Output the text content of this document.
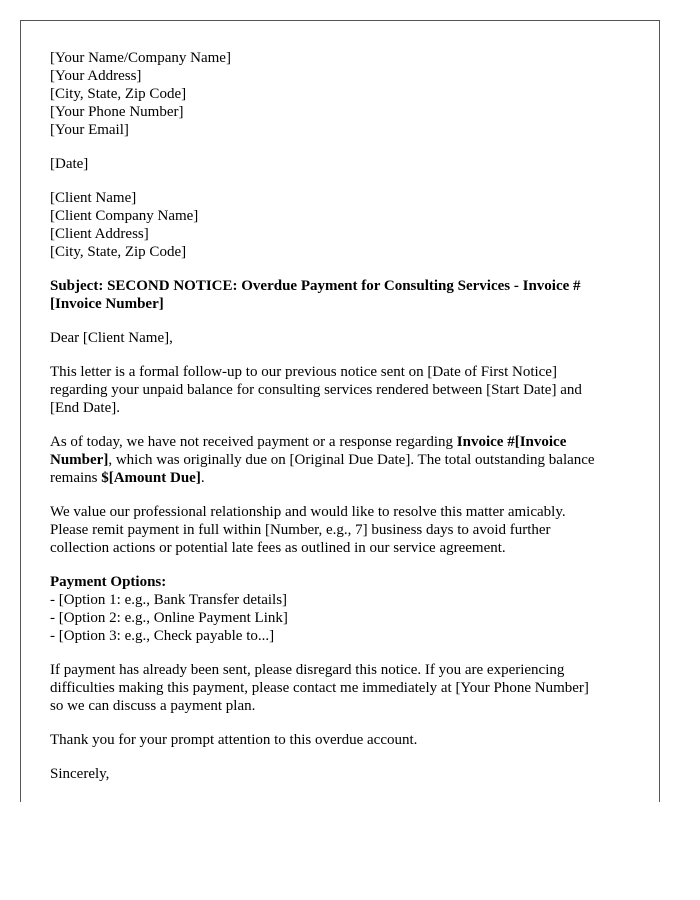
[Your Name/Company Name]
[Your Address]
[City, State, Zip Code]
[Your Phone Number]
[Your Email]
[Date]
[Client Name]
[Client Company Name]
[Client Address]
[City, State, Zip Code]
Subject: SECOND NOTICE: Overdue Payment for Consulting Services - Invoice #
[Invoice Number]
Dear [Client Name],
This letter is a formal follow-up to our previous notice sent on [Date of First Notice]
regarding your unpaid balance for consulting services rendered between [Start Date] and
[End Date].
As of today, we have not received payment or a response regarding Invoice #[Invoice
Number], which was originally due on [Original Due Date]. The total outstanding balance
remains $[Amount Due].
We value our professional relationship and would like to resolve this matter amicably.
Please remit payment in full within [Number, e.g., 7] business days to avoid further
collection actions or potential late fees as outlined in our service agreement.
Payment Options:
- [Option 1: e.g., Bank Transfer details]
- [Option 2: e.g., Online Payment Link]
- [Option 3: e.g., Check payable to...]
If payment has already been sent, please disregard this notice. If you are experiencing
difficulties making this payment, please contact me immediately at [Your Phone Number]
so we can discuss a payment plan.
Thank you for your prompt attention to this overdue account.
Sincerely,
